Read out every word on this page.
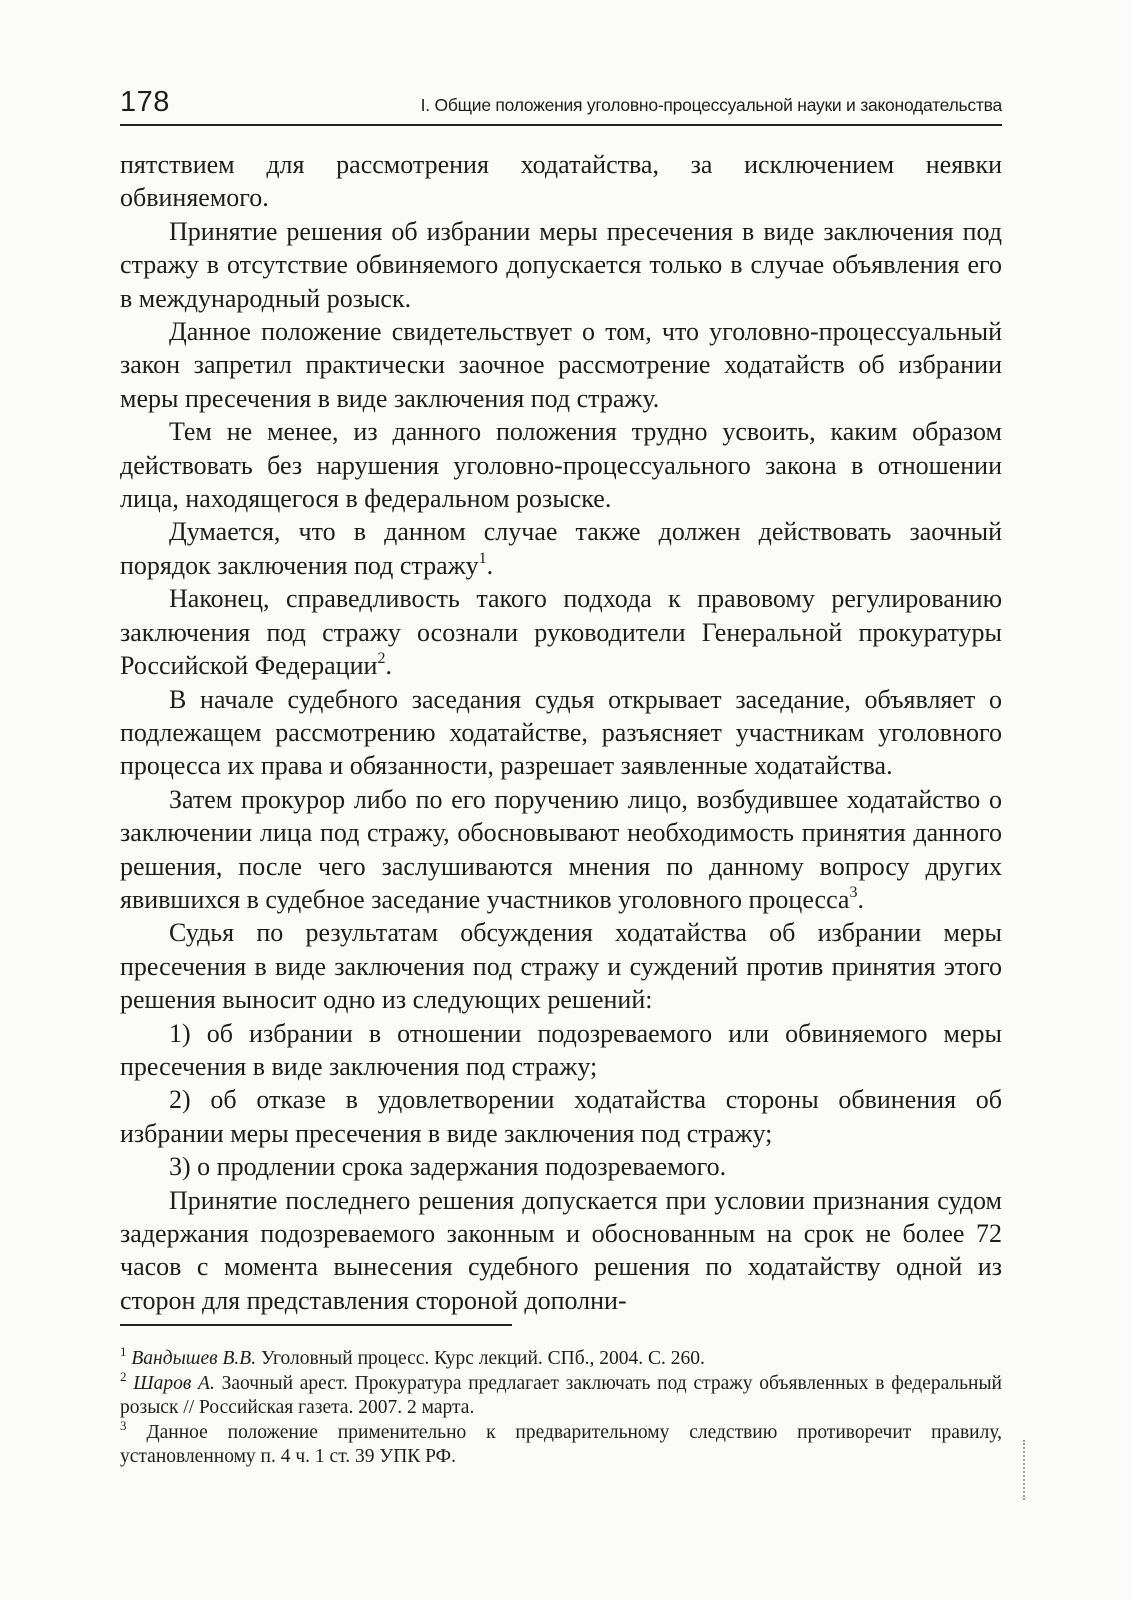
178	I. Общие положения уголовно-процессуальной науки и законодательства

пятствием для рассмотрения ходатайства, за исключением неявки обвиняемого.

Принятие решения об избрании меры пресечения в виде заключения под стражу в отсутствие обвиняемого допускается только в случае объявления его в международный розыск.

Данное положение свидетельствует о том, что уголовно-процессуальный закон запретил практически заочное рассмотрение ходатайств об избрании меры пресечения в виде заключения под стражу.

Тем не менее, из данного положения трудно усвоить, каким образом действовать без нарушения уголовно-процессуального закона в отношении лица, находящегося в федеральном розыске.

Думается, что в данном случае также должен действовать заочный порядок заключения под стражу$^1$.

Наконец, справедливость такого подхода к правовому регулированию заключения под стражу осознали руководители Генеральной прокуратуры Российской Федерации$^2$.

В начале судебного заседания судья открывает заседание, объявляет о подлежащем рассмотрению ходатайстве, разъясняет участникам уголовного процесса их права и обязанности, разрешает заявленные ходатайства.

Затем прокурор либо по его поручению лицо, возбудившее ходатайство о заключении лица под стражу, обосновывают необходимость принятия данного решения, после чего заслушиваются мнения по данному вопросу других явившихся в судебное заседание участников уголовного процесса$^3$.

Судья по результатам обсуждения ходатайства об избрании меры пресечения в виде заключения под стражу и суждений против принятия этого решения выносит одно из следующих решений:

1) об избрании в отношении подозреваемого или обвиняемого меры пресечения в виде заключения под стражу;

2) об отказе в удовлетворении ходатайства стороны обвинения об избрании меры пресечения в виде заключения под стражу;

3) о продлении срока задержания подозреваемого.

Принятие последнего решения допускается при условии признания судом задержания подозреваемого законным и обоснованным на срок не более 72 часов с момента вынесения судебного решения по ходатайству одной из сторон для представления стороной дополни-

$^1$ Вандышев В.В. Уголовный процесс. Курс лекций. СПб., 2004. С. 260.

$^2$ Шаров А. Заочный арест. Прокуратура предлагает заключать под стражу объявленных в федеральный розыск // Российская газета. 2007. 2 марта.

$^3$ Данное положение применительно к предварительному следствию противоречит правилу, установленному п. 4 ч. 1 ст. 39 УПК РФ.
